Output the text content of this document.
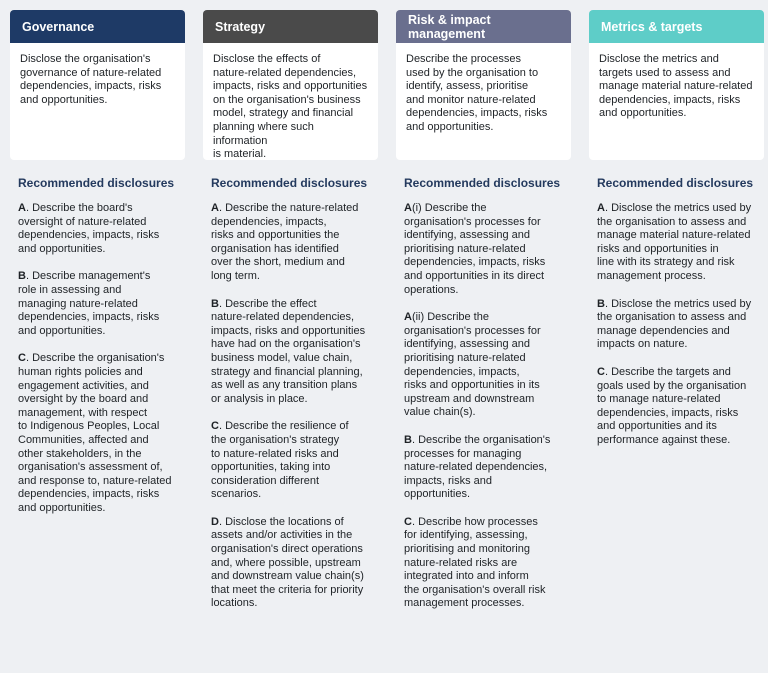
Governance
Disclose the organisation's
governance of nature-related
dependencies, impacts, risks
and opportunities.
Recommended disclosures
A. Describe the board's
oversight of nature-related
dependencies, impacts, risks
and opportunities.
B. Describe management's
role in assessing and
managing nature-related
dependencies, impacts, risks
and opportunities.
C. Describe the organisation's
human rights policies and
engagement activities, and
oversight by the board and
management, with respect
to Indigenous Peoples, Local
Communities, affected and
other stakeholders, in the
organisation's assessment of,
and response to, nature-related
dependencies, impacts, risks
and opportunities.
Strategy
Disclose the effects of
nature-related dependencies,
impacts, risks and opportunities
on the organisation's business
model, strategy and financial
planning where such information
is material.
Recommended disclosures
A. Describe the nature-related
dependencies, impacts,
risks and opportunities the
organisation has identified
over the short, medium and
long term.
B. Describe the effect
nature-related dependencies,
impacts, risks and opportunities
have had on the organisation's
business model, value chain,
strategy and financial planning,
as well as any transition plans
or analysis in place.
C. Describe the resilience of
the organisation's strategy
to nature-related risks and
opportunities, taking into
consideration different
scenarios.
D. Disclose the locations of
assets and/or activities in the
organisation's direct operations
and, where possible, upstream
and downstream value chain(s)
that meet the criteria for priority
locations.
Risk & impact management
Describe the processes
used by the organisation to
identify, assess, prioritise
and monitor nature-related
dependencies, impacts, risks
and opportunities.
Recommended disclosures
A(i) Describe the
organisation's processes for
identifying, assessing and
prioritising nature-related
dependencies, impacts, risks
and opportunities in its direct
operations.
A(ii) Describe the
organisation's processes for
identifying, assessing and
prioritising nature-related
dependencies, impacts,
risks and opportunities in its
upstream and downstream
value chain(s).
B. Describe the organisation's
processes for managing
nature-related dependencies,
impacts, risks and
opportunities.
C. Describe how processes
for identifying, assessing,
prioritising and monitoring
nature-related risks are
integrated into and inform
the organisation's overall risk
management processes.
Metrics & targets
Disclose the metrics and
targets used to assess and
manage material nature-related
dependencies, impacts, risks
and opportunities.
Recommended disclosures
A. Disclose the metrics used by
the organisation to assess and
manage material nature-related
risks and opportunities in
line with its strategy and risk
management process.
B. Disclose the metrics used by
the organisation to assess and
manage dependencies and
impacts on nature.
C. Describe the targets and
goals used by the organisation
to manage nature-related
dependencies, impacts, risks
and opportunities and its
performance against these.
